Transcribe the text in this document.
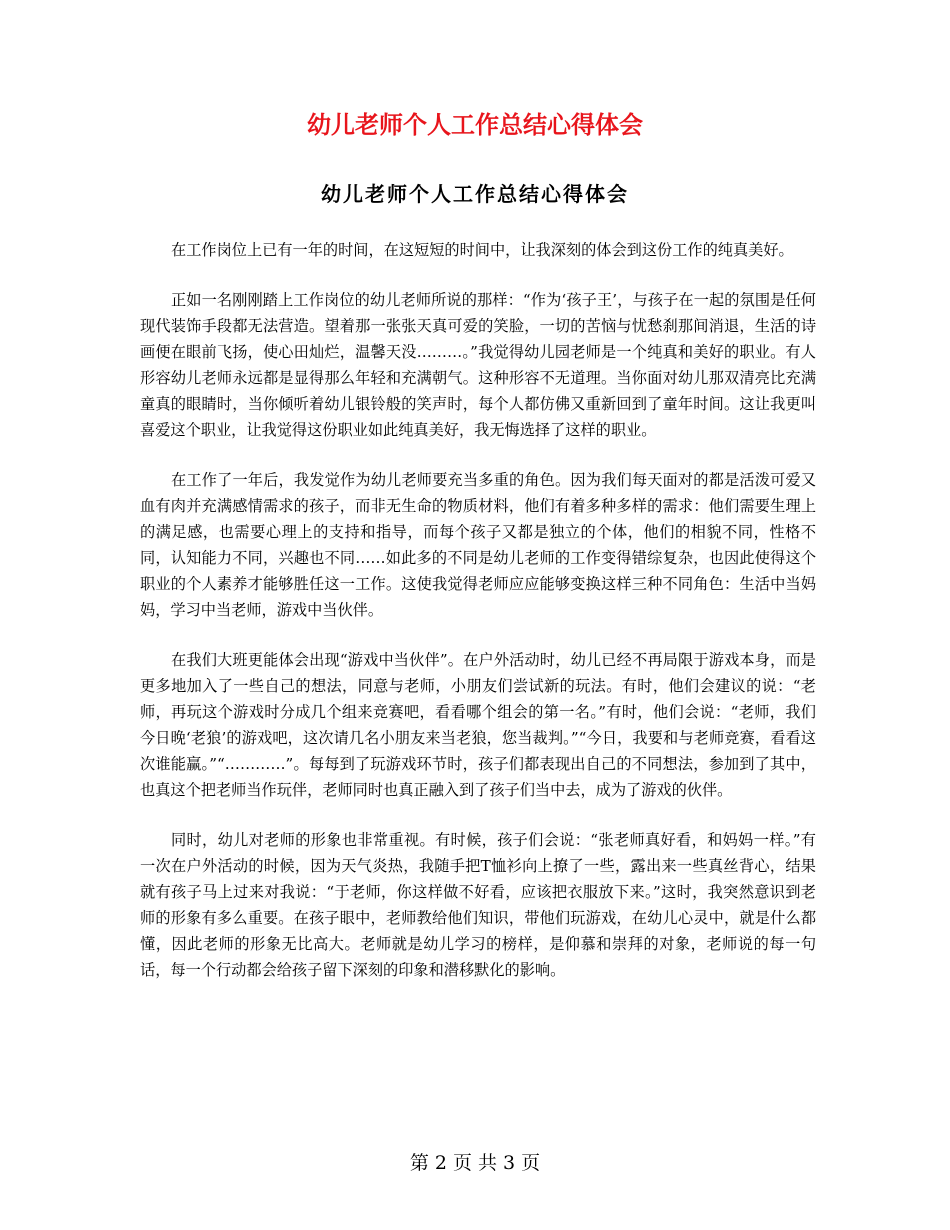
幼儿老师个人工作总结心得体会
幼儿老师个人工作总结心得体会

在工作岗位上已有一年的时间，在这短短的时间中，让我深刻的体会到这份工作的纯真美好。

正如一名刚刚踏上工作岗位的幼儿老师所说的那样：“作为‘孩子王’，与孩子在一起的氛围是任何现代装饰手段都无法营造。望着那一张张天真可爱的笑脸，一切的苦恼与忧愁刹那间消退，生活的诗画便在眼前飞扬，使心田灿烂，温馨天没………。”我觉得幼儿园老师是一个纯真和美好的职业。有人形容幼儿老师永远都是显得那么年轻和充满朝气。这种形容不无道理。当你面对幼儿那双清亮比充满童真的眼睛时，当你倾听着幼儿银铃般的笑声时，每个人都仿佛又重新回到了童年时间。这让我更叫喜爱这个职业，让我觉得这份职业如此纯真美好，我无悔选择了这样的职业。

在工作了一年后，我发觉作为幼儿老师要充当多重的角色。因为我们每天面对的都是活泼可爱又血有肉并充满感情需求的孩子，而非无生命的物质材料，他们有着多种多样的需求：他们需要生理上的满足感，也需要心理上的支持和指导，而每个孩子又都是独立的个体，他们的相貌不同，性格不同，认知能力不同，兴趣也不同……如此多的不同是幼儿老师的工作变得错综复杂，也因此使得这个职业的个人素养才能够胜任这一工作。这使我觉得老师应应能够变换这样三种不同角色：生活中当妈妈，学习中当老师，游戏中当伙伴。

在我们大班更能体会出现“游戏中当伙伴”。在户外活动时，幼儿已经不再局限于游戏本身，而是更多地加入了一些自己的想法，同意与老师，小朋友们尝试新的玩法。有时，他们会建议的说：“老师，再玩这个游戏时分成几个组来竞赛吧，看看哪个组会的第一名。”有时，他们会说：“老师，我们今日晚‘老狼’的游戏吧，这次请几名小朋友来当老狼，您当裁判。”“今日，我要和与老师竞赛，看看这次谁能赢。”“…………”。每每到了玩游戏环节时，孩子们都表现出自己的不同想法，参加到了其中，也真这个把老师当作玩伴，老师同时也真正融入到了孩子们当中去，成为了游戏的伙伴。

同时，幼儿对老师的形象也非常重视。有时候，孩子们会说：“张老师真好看，和妈妈一样。”有一次在户外活动的时候，因为天气炎热，我随手把T恤衫向上撩了一些，露出来一些真丝背心，结果就有孩子马上过来对我说：“于老师，你这样做不好看，应该把衣服放下来。”这时，我突然意识到老师的形象有多么重要。在孩子眼中，老师教给他们知识，带他们玩游戏，在幼儿心灵中，就是什么都懂，因此老师的形象无比高大。老师就是幼儿学习的榜样，是仰慕和崇拜的对象，老师说的每一句话，每一个行动都会给孩子留下深刻的印象和潜移默化的影响。

第 2 页 共 3 页
